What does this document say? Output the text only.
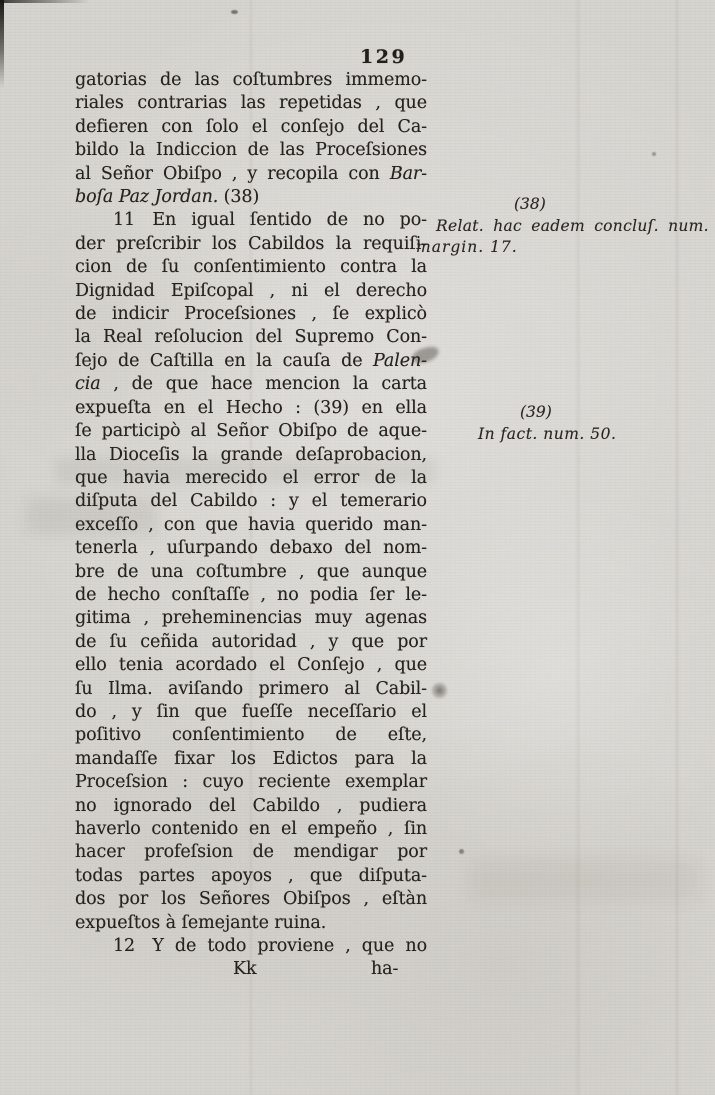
129
gatorias de las coſtumbres immemo-
riales contrarias las repetidas , que
defieren con ſolo el conſejo del Ca-
bildo la Indiccion de las Proceſsiones
al Señor Obiſpo , y recopila con Bar-
boſa Paz Jordan. (38)
11  En igual ſentido de no po-
der preſcribir los Cabildos la requiſi-
cion de ſu conſentimiento contra la
Dignidad Epiſcopal , ni el derecho
de indicir Proceſsiones , ſe explicò
la Real reſolucion del Supremo Con-
ſejo de Caſtilla en la cauſa de Palen-
cia , de que hace mencion la carta
expueſta en el Hecho : (39) en ella
ſe participò al Señor Obiſpo de aque-
lla Dioceſis la grande deſaprobacion,
que havia merecido el error de la
diſputa del Cabildo : y el temerario
exceſſo , con que havia querido man-
tenerla , uſurpando debaxo del nom-
bre de una coſtumbre , que aunque
de hecho conſtaſſe , no podia ſer le-
gitima , preheminencias muy agenas
de ſu ceñida autoridad , y que por
ello tenia acordado el Conſejo , que
ſu Ilma. aviſando primero al Cabil-
do , y ſin que fueſſe neceſſario el
poſitivo conſentimiento de eſte,
mandaſſe fixar los Edictos para la
Proceſsion : cuyo reciente exemplar
no ignorado del Cabildo , pudiera
haverlo contenido en el empeño , ſin
hacer profeſsion de mendigar por
todas partes apoyos , que diſputa-
dos por los Señores Obiſpos , eſtàn
expueſtos à ſemejante ruina.
12  Y de todo proviene , que no
Kk	ha-
(38)
Relat. hac eadem concluſ. num.
margin. 17.
(39)
In fact. num. 50.
